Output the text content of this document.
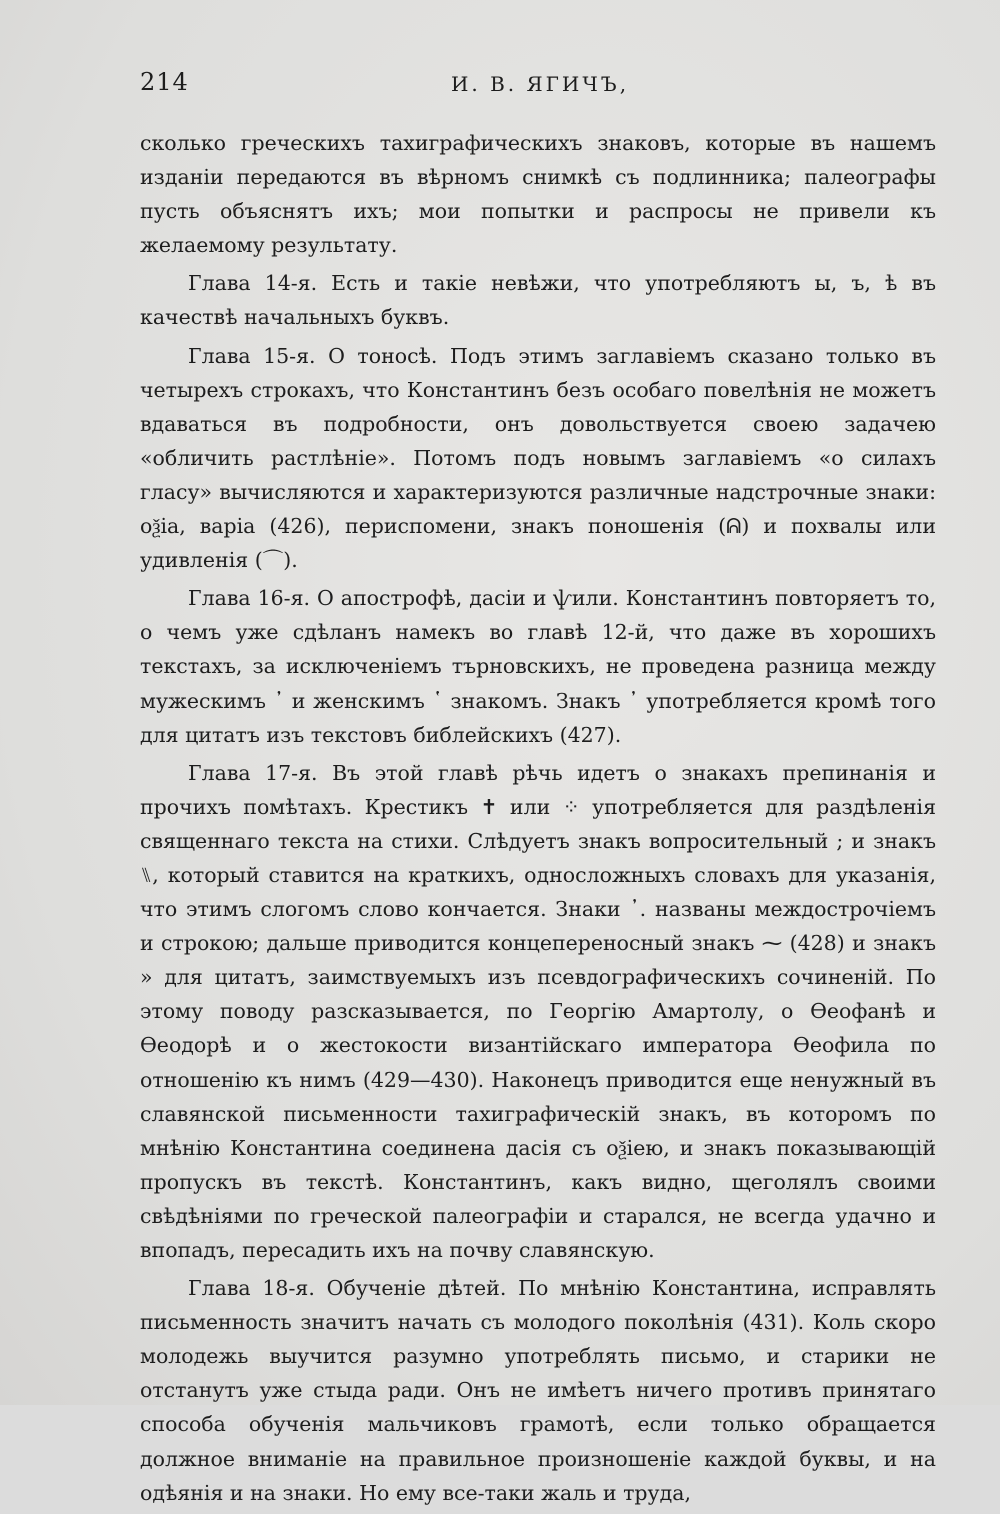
214	И. В. ЯГИЧЪ,

сколько греческихъ тахиграфическихъ знаковъ, которые въ нашемъ изданіи передаются въ вѣрномъ снимкѣ съ подлинника; палеографы пусть объяснятъ ихъ; мои попытки и распросы не привели къ желаемому результату.

Глава 14-я. Есть и такіе невѣжи, что употребляютъ ы, ъ, ѣ въ качествѣ начальныхъ буквъ.

Глава 15-я. О тоносѣ. Подъ этимъ заглавіемъ сказано только въ четырехъ строкахъ, что Константинъ безъ особаго повелѣнія не можетъ вдаваться въ подробности, онъ довольствуется своею задачею «обличить растлѣніе». Потомъ подъ новымъ заглавіемъ «о силахъ гласу» вычисляются и характеризуются различные надстрочные знаки: оѯіа, варіа (426), периспомени, знакъ поношенія (ᕱ) и похвалы или удивленія (⌒).

Глава 16-я. О апострофѣ, дасіи и ѱили. Константинъ повторяетъ то, о чемъ уже сдѣланъ намекъ во главѣ 12-й, что даже въ хорошихъ текстахъ, за исключеніемъ търновскихъ, не проведена разница между мужескимъ ᾿ и женскимъ ῾ знакомъ. Знакъ ᾿ употребляется кромѣ того для цитатъ изъ текстовъ библейскихъ (427).

Глава 17-я. Въ этой главѣ рѣчь идетъ о знакахъ препинанія и прочихъ помѣтахъ. Крестикъ ✝ или ⁘ употребляется для раздѣленія священнаго текста на стихи. Слѣдуетъ знакъ вопросительный ; и знакъ ⑊, который ставится на краткихъ, односложныхъ словахъ для указанія, что этимъ слогомъ слово кончается. Знаки ᾿. названы междострочіемъ и строкою; дальше приводится концепереносный знакъ ⁓ (428) и знакъ » для цитатъ, заимствуемыхъ изъ псевдографическихъ сочиненій. По этому поводу разсказывается, по Георгію Амартолу, о Ѳеофанѣ и Ѳеодорѣ и о жестокости византійскаго императора Ѳеофила по отношенію къ нимъ (429—430). Наконецъ приводится еще ненужный въ славянской письменности тахиграфическій знакъ, въ которомъ по мнѣнію Константина соединена дасія съ оѯіею, и знакъ показывающій пропускъ въ текстѣ. Константинъ, какъ видно, щеголялъ своими свѣдѣніями по греческой палеографіи и старался, не всегда удачно и впопадъ, пересадить ихъ на почву славянскую.

Глава 18-я. Обученіе дѣтей. По мнѣнію Константина, исправлять письменность значитъ начать съ молодого поколѣнія (431). Коль скоро молодежь выучится разумно употреблять письмо, и старики не отстанутъ уже стыда ради. Онъ не имѣетъ ничего противъ принятаго способа обученія мальчиковъ грамотѣ, если только обращается должное вниманіе на правильное произношеніе каждой буквы, и на одѣянія и на знаки. Но ему все-таки жаль и труда,
